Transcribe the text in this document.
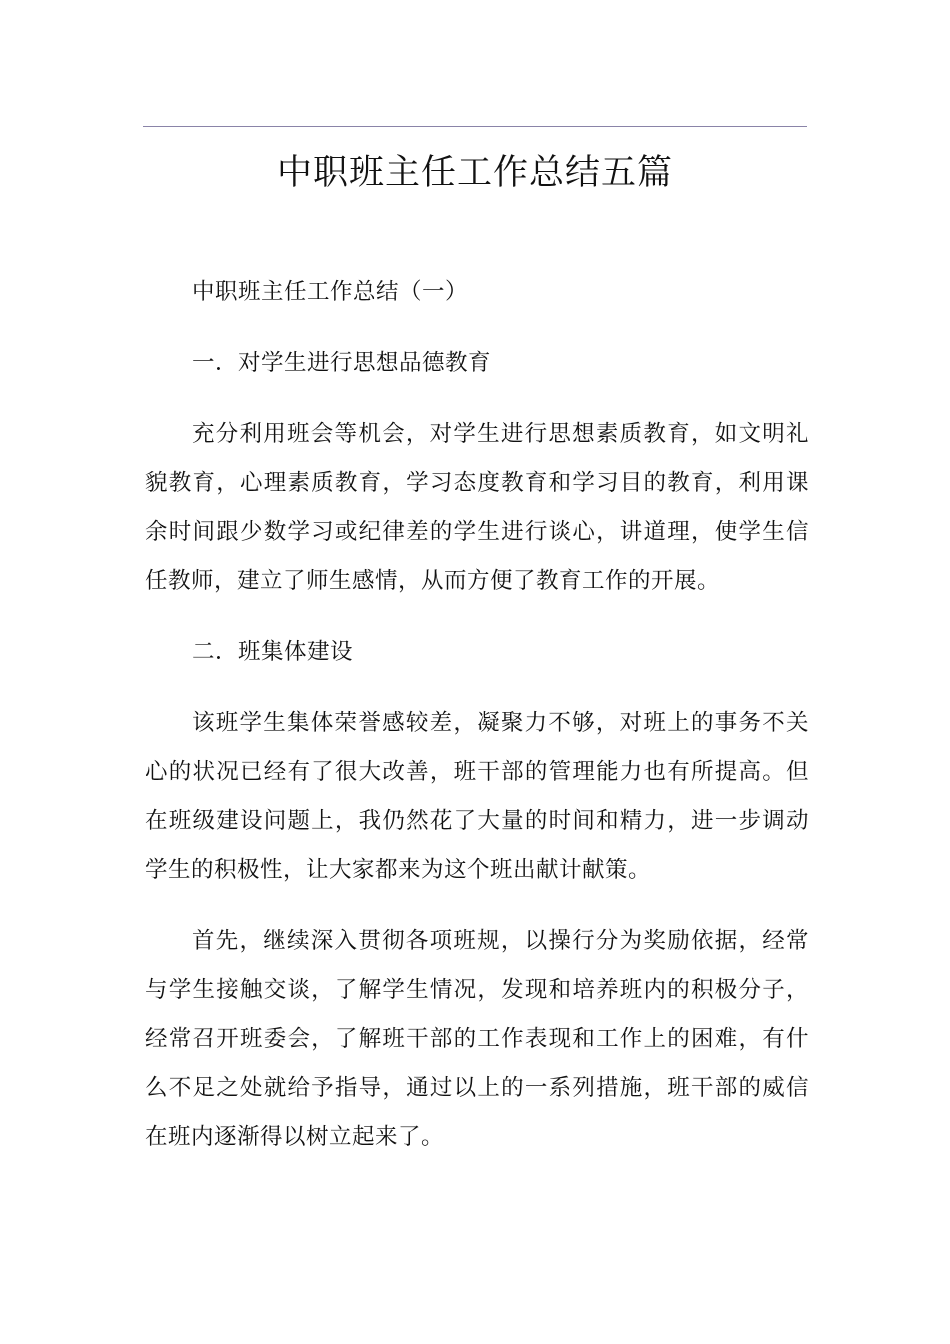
中职班主任工作总结五篇

中职班主任工作总结（一）

一．对学生进行思想品德教育

充分利用班会等机会，对学生进行思想素质教育，如文明礼貌教育，心理素质教育，学习态度教育和学习目的教育，利用课余时间跟少数学习或纪律差的学生进行谈心，讲道理，使学生信任教师，建立了师生感情，从而方便了教育工作的开展。

二．班集体建设

该班学生集体荣誉感较差，凝聚力不够，对班上的事务不关心的状况已经有了很大改善，班干部的管理能力也有所提高。但在班级建设问题上，我仍然花了大量的时间和精力，进一步调动学生的积极性，让大家都来为这个班出献计献策。

首先，继续深入贯彻各项班规，以操行分为奖励依据，经常与学生接触交谈，了解学生情况，发现和培养班内的积极分子，经常召开班委会，了解班干部的工作表现和工作上的困难，有什么不足之处就给予指导，通过以上的一系列措施，班干部的威信在班内逐渐得以树立起来了。
